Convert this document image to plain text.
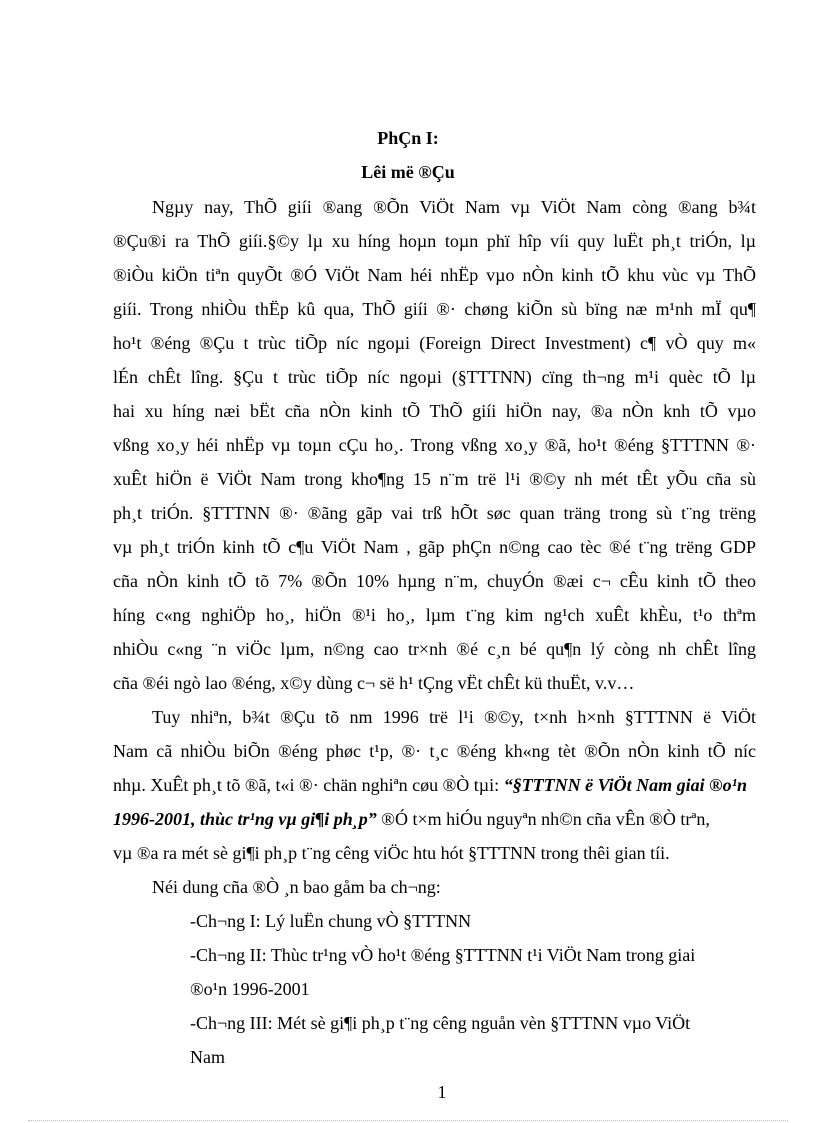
PhÇn I:
Lêi më ®Çu
Ngµy nay, ThÕ giíi ®ang ®Õn ViÖt Nam vµ ViÖt Nam còng ®ang b¾t
®Çu®i ra ThÕ giíi.§©y lµ xu híng hoµn toµn phï hîp víi quy luËt ph¸t triÓn, lµ
®iÒu kiÖn tiªn quyÕt ®Ó ViÖt Nam héi nhËp vµo nÒn kinh tÕ khu vùc vµ ThÕ
giíi. Trong nhiÒu thËp kû qua, ThÕ giíi ®· chøng kiÕn sù bïng næ m¹nh mÏ qu¶
ho¹t ®éng ®Çu t trùc tiÕp níc ngoµi (Foreign Direct Investment) c¶ vÒ quy m«
lÉn chÊt lîng. §Çu t trùc tiÕp níc ngoµi (§TTTNN) cïng th¬ng m¹i quèc tÕ lµ
hai xu híng næi bËt cña nÒn kinh tÕ ThÕ giíi hiÖn nay, ®a nÒn knh tÕ vµo
vßng xo¸y héi nhËp vµ toµn cÇu ho¸. Trong vßng xo¸y ®ã, ho¹t ®éng §TTTNN ®·
xuÊt hiÖn ë ViÖt Nam trong kho¶ng 15 n¨m trë l¹i ®©y nh mét tÊt yÕu cña sù
ph¸t triÓn. §TTTNN ®· ®ãng gãp vai trß hÕt søc quan träng trong sù t¨ng trëng
vµ ph¸t triÓn kinh tÕ c¶u ViÖt Nam , gãp phÇn n©ng cao tèc ®é t¨ng trëng GDP
cña nÒn kinh tÕ tõ 7% ®Õn 10% hµng n¨m, chuyÓn ®æi c¬ cÊu kinh tÕ theo
híng c«ng nghiÖp ho¸, hiÖn ®¹i ho¸, lµm t¨ng kim ng¹ch xuÊt khÈu, t¹o thªm
nhiÒu c«ng ¨n viÖc lµm, n©ng cao tr×nh ®é c¸n bé qu¶n lý còng nh chÊt lîng
cña ®éi ngò lao ®éng, x©y dùng c¬ së h¹ tÇng vËt chÊt kü thuËt, v.v…
Tuy nhiªn, b¾t ®Çu tõ nm 1996 trë l¹i ®©y, t×nh h×nh §TTTNN ë ViÖt
Nam cã nhiÒu biÕn ®éng phøc t¹p, ®· t¸c ®éng kh«ng tèt ®Õn nÒn kinh tÕ níc
nhµ. XuÊt ph¸t tõ ®ã, t«i ®· chän nghiªn cøu ®Ò tµi: “§TTTNN ë ViÖt Nam giai ®o¹n
1996-2001, thùc tr¹ng vµ gi¶i ph¸p” ®Ó t×m hiÓu nguyªn nh©n cña vÊn ®Ò trªn,
vµ ®a ra mét sè gi¶i ph¸p t¨ng cêng viÖc htu hót §TTTNN trong thêi gian tíi.
Néi dung cña ®Ò ¸n bao gåm ba ch¬ng:
-Ch¬ng I: Lý luËn chung vÒ §TTTNN
-Ch¬ng II: Thùc tr¹ng vÒ ho¹t ®éng §TTTNN t¹i ViÖt Nam trong giai
®o¹n 1996-2001
-Ch¬ng III: Mét sè gi¶i ph¸p t¨ng cêng nguån vèn §TTTNN vµo ViÖt
Nam
1
